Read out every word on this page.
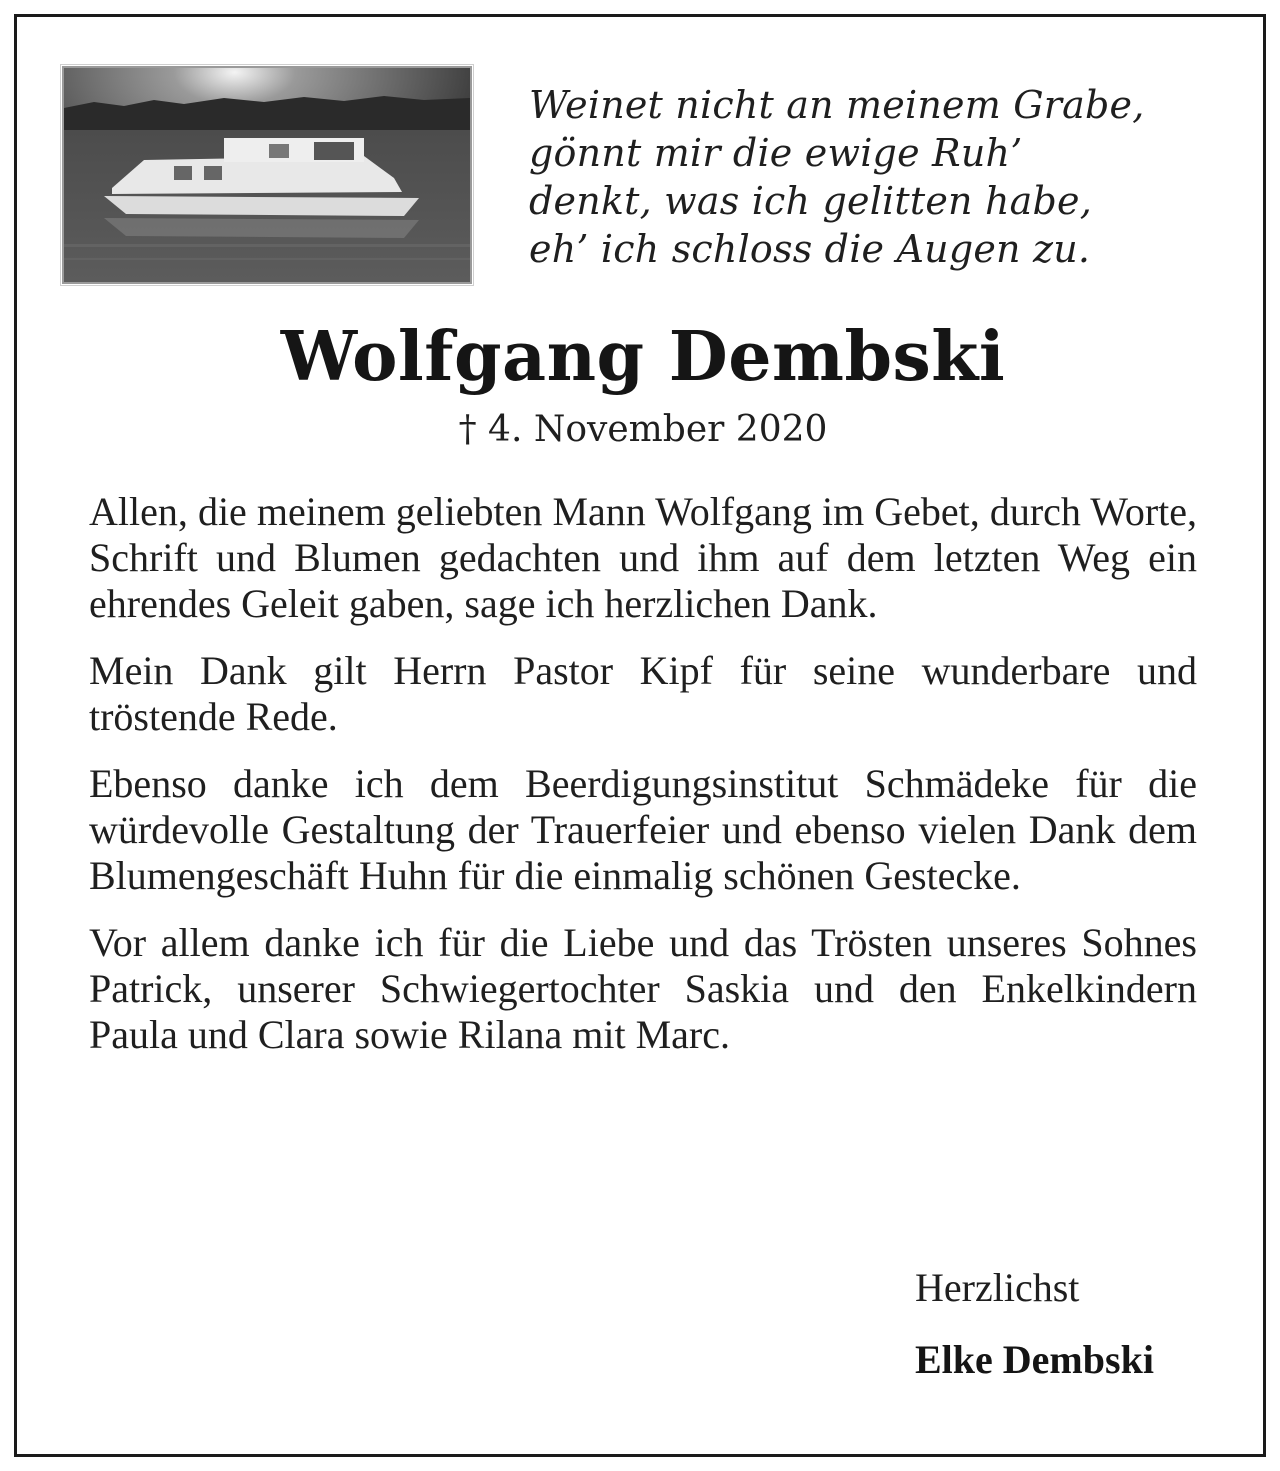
Weinet nicht an meinem Grabe,
gönnt mir die ewige Ruh’
denkt, was ich gelitten habe,
eh’ ich schloss die Augen zu.
Wolfgang Dembski
† 4. November 2020

Allen, die meinem geliebten Mann Wolfgang im Gebet, durch Worte, Schrift und Blumen gedachten und ihm auf dem letzten Weg ein ehrendes Geleit gaben, sage ich herzlichen Dank.

Mein Dank gilt Herrn Pastor Kipf für seine wunderbare und tröstende Rede.

Ebenso danke ich dem Beerdigungsinstitut Schmädeke für die würdevolle Gestaltung der Trauerfeier und ebenso vielen Dank dem Blumengeschäft Huhn für die einmalig schönen Gestecke.

Vor allem danke ich für die Liebe und das Trösten unseres Sohnes Patrick, unserer Schwiegertochter Saskia und den Enkelkindern Paula und Clara sowie Rilana mit Marc.

Herzlichst
Elke Dembski
